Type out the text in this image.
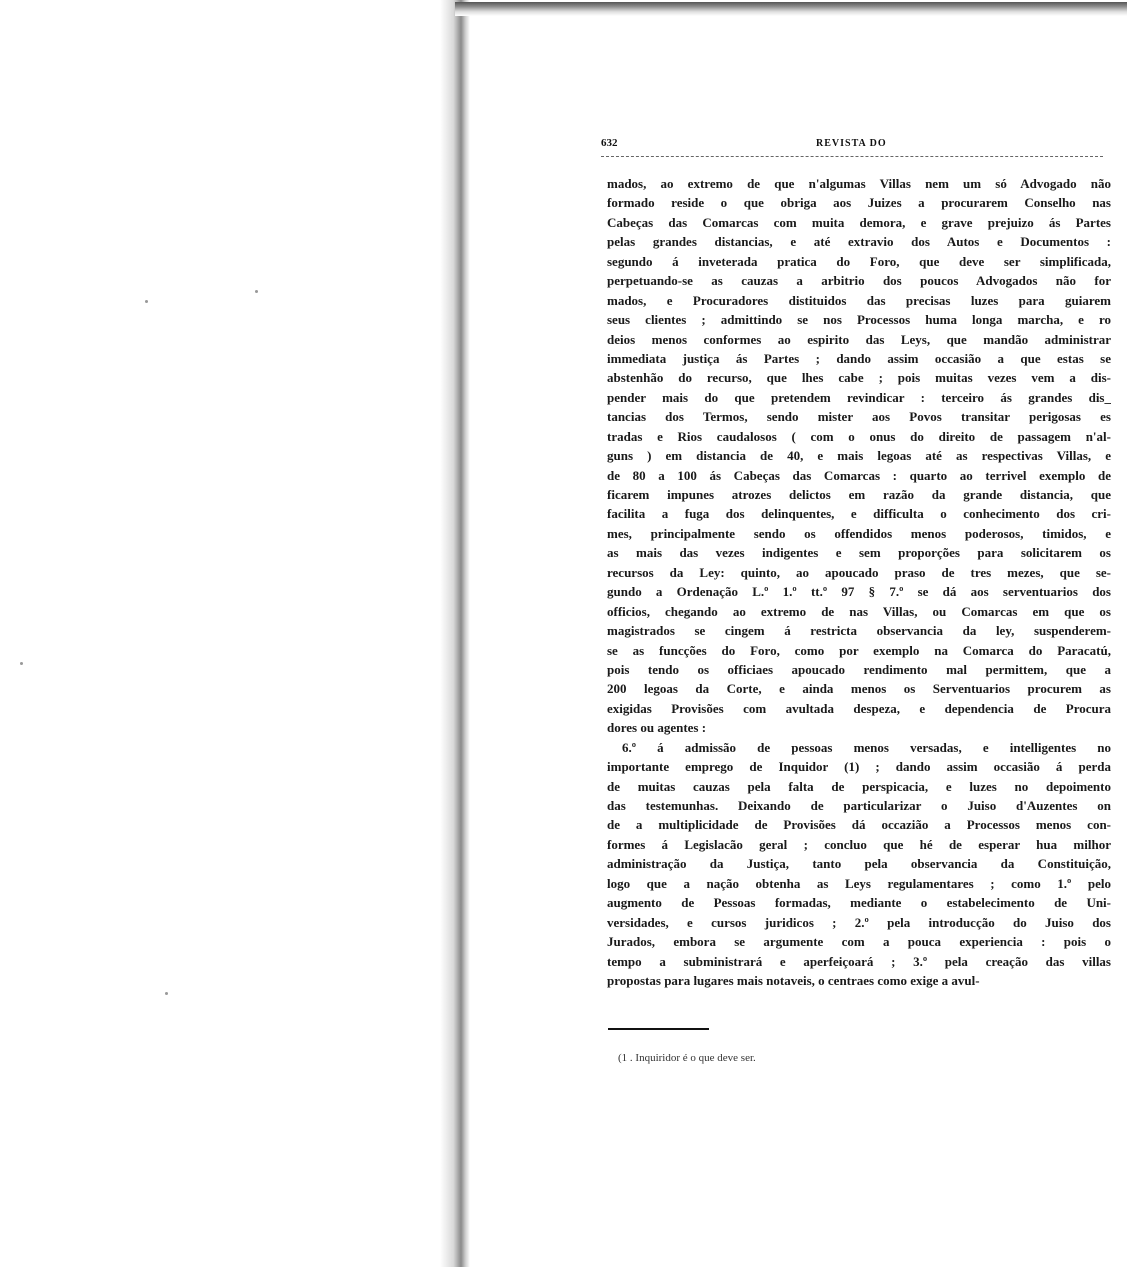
632	REVISTA DO
mados, ao extremo de que n'algumas Villas nem um só Advogado não
formado reside o que obriga aos Juizes a procurarem Conselho nas
Cabeças das Comarcas com muita demora, e grave prejuizo ás Partes
pelas grandes distancias, e até extravio dos Autos e Documentos :
segundo á inveterada pratica do Foro, que deve ser simplificada,
perpetuando-se as cauzas a arbitrio dos poucos Advogados não for
mados, e Procuradores distituidos das precisas luzes para guiarem
seus clientes ; admittindo se nos Processos huma longa marcha, e ro
deios menos conformes ao espirito das Leys, que mandão administrar
immediata justiça ás Partes ; dando assim occasião a que estas se
abstenhão do recurso, que lhes cabe ; pois muitas vezes vem a dis-
pender mais do que pretendem revindicar : terceiro ás grandes dis_
tancias dos Termos, sendo mister aos Povos transitar perigosas es
tradas e Rios caudalosos ( com o onus do direito de passagem n'al-
guns ) em distancia de 40, e mais legoas até as respectivas Villas, e
de 80 a 100 ás Cabeças das Comarcas : quarto ao terrivel exemplo de
ficarem impunes atrozes delictos em razão da grande distancia, que
facilita a fuga dos delinquentes, e difficulta o conhecimento dos cri-
mes, principalmente sendo os offendidos menos poderosos, timidos, e
as mais das vezes indigentes e sem proporções para solicitarem os
recursos da Ley: quinto, ao apoucado praso de tres mezes, que se-
gundo a Ordenação L.º 1.º tt.º 97 § 7.º se dá aos serventuarios dos
officios, chegando ao extremo de nas Villas, ou Comarcas em que os
magistrados se cingem á restricta observancia da ley, suspenderem-
se as funcções do Foro, como por exemplo na Comarca do Paracatú,
pois tendo os officiaes apoucado rendimento mal permittem, que a
200 legoas da Corte, e ainda menos os Serventuarios procurem as
exigidas Provisões com avultada despeza, e dependencia de Procura
dores ou agentes :
6.º á admissão de pessoas menos versadas, e intelligentes no
importante emprego de Inquidor (1) ; dando assim occasião á perda
de muitas cauzas pela falta de perspicacia, e luzes no depoimento
das testemunhas. Deixando de particularizar o Juiso d'Auzentes on
de a multiplicidade de Provisões dá occazião a Processos menos con-
formes á Legislacão geral ; concluo que hé de esperar hua milhor
administração da Justiça, tanto pela observancia da Constituição,
logo que a nação obtenha as Leys regulamentares ; como 1.º pelo
augmento de Pessoas formadas, mediante o estabelecimento de Uni-
versidades, e cursos juridicos ; 2.º pela introducção do Juiso dos
Jurados, embora se argumente com a pouca experiencia : pois o
tempo a subministrará e aperfeiçoará ; 3.º pela creação das villas
propostas para lugares mais notaveis, o centraes como exige a avul-
(1 . Inquiridor é o que deve ser.
